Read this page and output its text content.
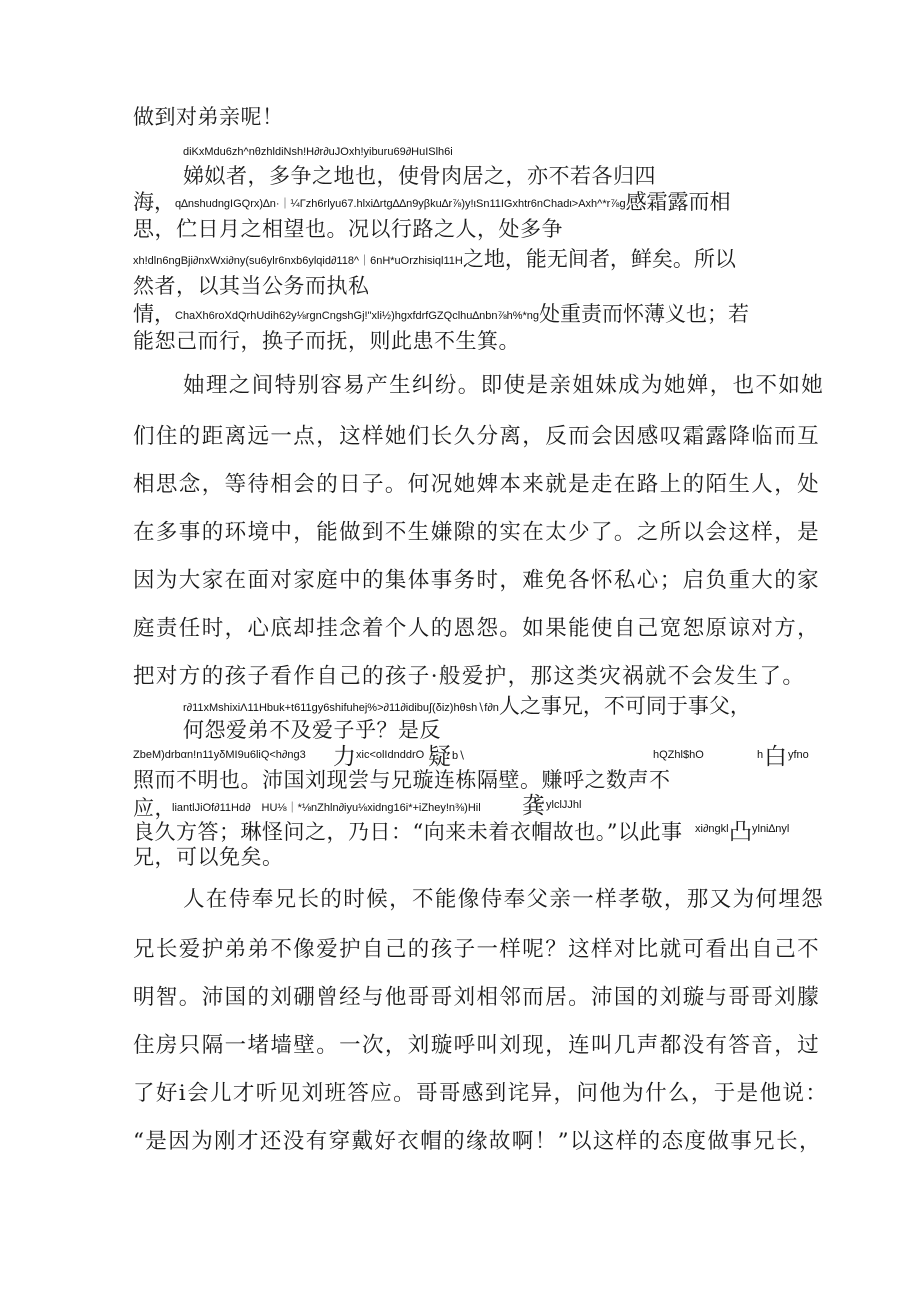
做到对弟亲呢！
diKxMdu6zh^nθzhldiNsh!H∂r∂uJOxh!yiburu69∂HuISlh6i
娣姒者，多争之地也，使骨肉居之，亦不若各归四
海，q∆nshudngIGQrx)∆n·｜¼Γzh6rlyu67.hlxi∆rtg∆∆n9yβku∆r⅞)y!ιSn11IGxhtr6nChadι>Axh^*r⅞g感霜露而相
思，伫日月之相望也。况以行路之人，处多争
xh!dln6ngBji∂nxWxi∂ny(su6ylr6nxb6ylqid∂118^｜6nH*uOrzhisiql11H之地，能无间者，鲜矣。所以
然者，以其当公务而执私
情，ChaXh6roXdQrhUdih62y⅛rgnCngshGj!"xli½)hgxfdrfGZQclhu∆nbn⅞h%*ng处重责而怀薄义也；若
能恕己而行，换子而抚，则此患不生箕。
妯理之间特别容易产生纠纷。即使是亲姐妹成为她婵，也不如她
们住的距离远一点，这样她们长久分离，反而会因感叹霜露降临而互
相思念，等待相会的日子。何况她婢本来就是走在路上的陌生人，处
在多事的环境中，能做到不生嫌隙的实在太少了。之所以会这样，是
因为大家在面对家庭中的集体事务时，难免各怀私心；启负重大的家
庭责任时，心底却挂念着个人的恩怨。如果能使自己宽恕原谅对方，
把对方的孩子看作自己的孩子·般爱护，那这类灾祸就不会发生了。
r∂11xMshixiΛ11Hbuk+t611gy6shifuhej%>∂11∂idibu∫(δiz)hθsh∖f∂n人之事兄，不可同于事父，
何怨爱弟不及爱子乎？是反
ZbeM)drbαn!n11yδMI9u6liQ<h∂ng3 力 xic<olIdnddrO 疑 b∖	hQZhl$hO	h 白 yfno
照而不明也。沛国刘现尝与兄璇连栋隔壁。赚呼之数声不
应，
liantlJiOf∂11Hd∂　HU⅛｜*⅛nZhln∂iyu⅛xidng16i*+iZhey!n⅜)Hil 龚 ylclJJhl
良久方答；琳怪问之，乃日：“向来未着衣帽故也。”以此事 xi∂ngkl 凸 ylni∆nyl
兄，可以免矣。
人在侍奉兄长的时候，不能像侍奉父亲一样孝敬，那又为何埋怨
兄长爱护弟弟不像爱护自己的孩子一样呢？这样对比就可看出自己不
明智。沛国的刘硼曾经与他哥哥刘相邻而居。沛国的刘璇与哥哥刘朦
住房只隔一堵墙壁。一次，刘璇呼叫刘现，连叫几声都没有答音，过
了好i会儿才听见刘班答应。哥哥感到诧异，问他为什么，于是他说：
“是因为刚才还没有穿戴好衣帽的缘故啊！”以这样的态度做事兄长，
